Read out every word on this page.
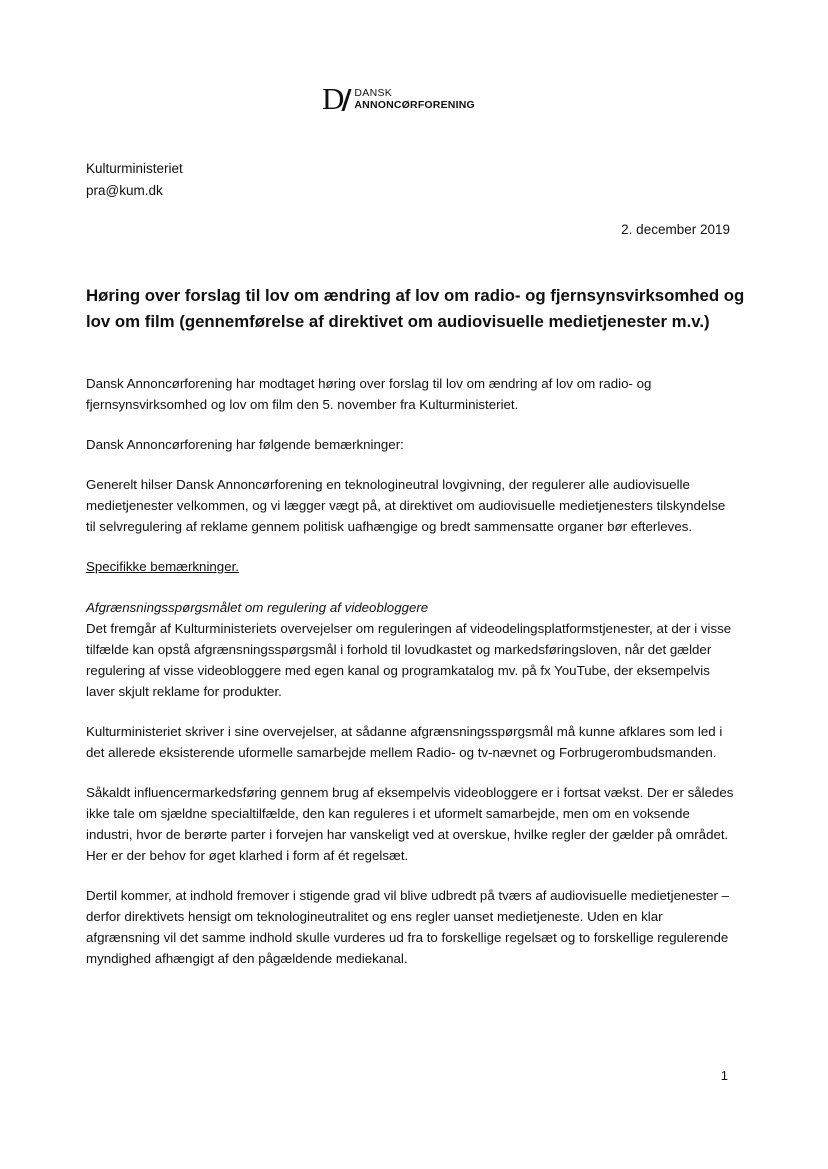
D DANSK
ANNONCØRFORENING
Kulturministeriet
pra@kum.dk
2. december 2019
Høring over forslag til lov om ændring af lov om radio- og fjernsynsvirksomhed og lov om film (gennemførelse af direktivet om audiovisuelle medietjenester m.v.)

Dansk Annoncørforening har modtaget høring over forslag til lov om ændring af lov om radio- og fjernsynsvirksomhed og lov om film den 5. november fra Kulturministeriet.

Dansk Annoncørforening har følgende bemærkninger:

Generelt hilser Dansk Annoncørforening en teknologineutral lovgivning, der regulerer alle audiovisuelle medietjenester velkommen, og vi lægger vægt på, at direktivet om audiovisuelle medietjenesters tilskyndelse til selvregulering af reklame gennem politisk uafhængige og bredt sammensatte organer bør efterleves.

Specifikke bemærkninger.

Afgrænsningsspørgsmålet om regulering af videobloggere

Det fremgår af Kulturministeriets overvejelser om reguleringen af videodelingsplatformstjenester, at der i visse tilfælde kan opstå afgrænsningsspørgsmål i forhold til lovudkastet og markedsføringsloven, når det gælder regulering af visse videobloggere med egen kanal og programkatalog mv. på fx YouTube, der eksempelvis laver skjult reklame for produkter.

Kulturministeriet skriver i sine overvejelser, at sådanne afgrænsningsspørgsmål må kunne afklares som led i det allerede eksisterende uformelle samarbejde mellem Radio- og tv-nævnet og Forbrugerombudsmanden.

Såkaldt influencermarkedsføring gennem brug af eksempelvis videobloggere er i fortsat vækst. Der er således ikke tale om sjældne specialtilfælde, den kan reguleres i et uformelt samarbejde, men om en voksende industri, hvor de berørte parter i forvejen har vanskeligt ved at overskue, hvilke regler der gælder på området. Her er der behov for øget klarhed i form af ét regelsæt.

Dertil kommer, at indhold fremover i stigende grad vil blive udbredt på tværs af audiovisuelle medietjenester – derfor direktivets hensigt om teknologineutralitet og ens regler uanset medietjeneste. Uden en klar afgrænsning vil det samme indhold skulle vurderes ud fra to forskellige regelsæt og to forskellige regulerende myndighed afhængigt af den pågældende mediekanal.

1
